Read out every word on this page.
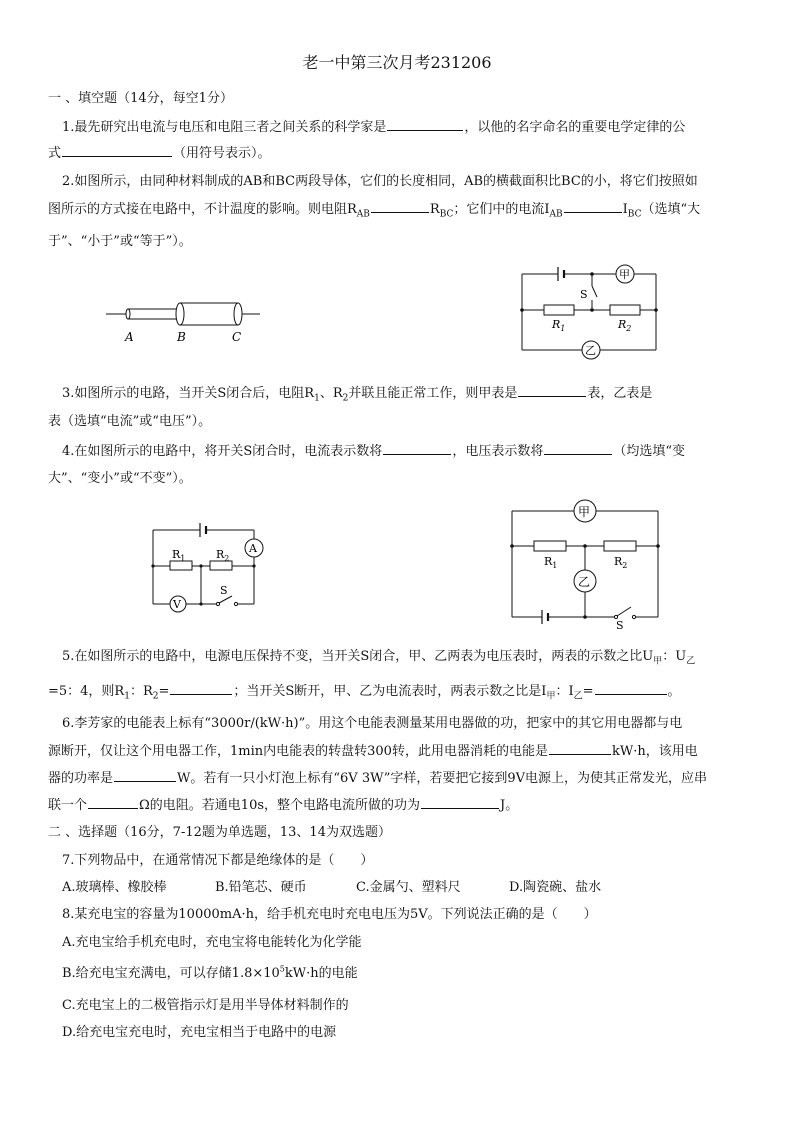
老一中第三次月考231206
一 、填空题（14分，每空1分）
1.最先研究出电流与电压和电阻三者之间关系的科学家是	，以他的名字命名的重要电学定律的公
式	（用符号表示）。
2.如图所示，由同种材料制成的AB和BC两段导体，它们的长度相同，AB的横截面积比BC的小，将它们按照如
图所示的方式接在电路中，不计温度的影响。则电阻$R_{AB}$	$R_{BC}$；它们中的电流$I_{AB}$	$I_{BC}$（选填“大
于”、“小于”或“等于”）。
A	B	C
甲
S
$R_1$	$R_2$
乙
3.如图所示的电路，当开关S闭合后，电阻$R_1$、$R_2$并联且能正常工作，则甲表是	表，乙表是
表（选填“电流”或“电压”）。
4.在如图所示的电路中，将开关S闭合时，电流表示数将	，电压表示数将	（均选填“变
大”、“变小”或“不变”）。
A
$R_1$	$R_2$
V
S
甲
$R_1$	$R_2$
乙
S
5.在如图所示的电路中，电源电压保持不变，当开关S闭合，甲、乙两表为电压表时，两表的示数之比$U_甲$：$U_乙$
=5：4，则$R_1$：$R_2=$	；当开关S断开，甲、乙为电流表时，两表示数之比是$I_甲$：$I_乙=$	。
6.李芳家的电能表上标有“3000r/(kW·h)”。用这个电能表测量某用电器做的功，把家中的其它用电器都与电
源断开，仅让这个用电器工作，1min内电能表的转盘转300转，此用电器消耗的电能是	kW·h，该用电
器的功率是	W。若有一只小灯泡上标有“6V 3W”字样，若要把它接到9V电源上，为使其正常发光，应串
联一个	Ω的电阻。若通电10s，整个电路电流所做的功为	J。
二 、选择题（16分，7-12题为单选题，13、14为双选题）
7.下列物品中，在通常情况下都是绝缘体的是（　　）
A.玻璃棒、橡胶棒	B.铅笔芯、硬币	C.金属勺、塑料尺	D.陶瓷碗、盐水
8.某充电宝的容量为10000mA·h，给手机充电时充电电压为5V。下列说法正确的是（　　）
A.充电宝给手机充电时，充电宝将电能转化为化学能
B.给充电宝充满电，可以存储$1.8\times 10^5kW\cdot h$的电能
C.充电宝上的二极管指示灯是用半导体材料制作的
D.给充电宝充电时，充电宝相当于电路中的电源
